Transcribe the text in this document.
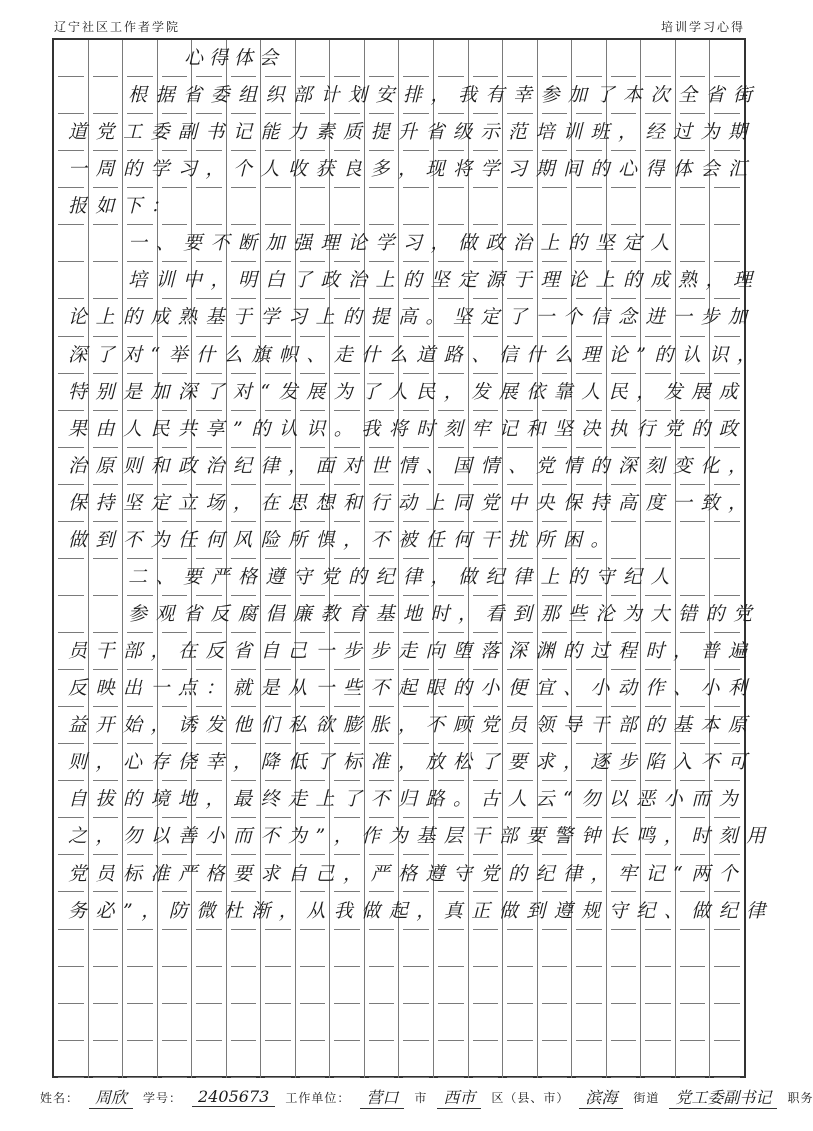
辽宁社区工作者学院	培训学习心得
心得体会
根据省委组织部计划安排，我有幸参加了本次全省街
道党工委副书记能力素质提升省级示范培训班，经过为期
一周的学习，个人收获良多，现将学习期间的心得体会汇
报如下：
一、要不断加强理论学习，做政治上的坚定人
培训中，明白了政治上的坚定源于理论上的成熟，理
论上的成熟基于学习上的提高。坚定了一个信念进一步加
深了对“举什么旗帜、走什么道路、信什么理论”的认识，
特别是加深了对“发展为了人民，发展依靠人民，发展成
果由人民共享”的认识。我将时刻牢记和坚决执行党的政
治原则和政治纪律，面对世情、国情、党情的深刻变化，
保持坚定立场，在思想和行动上同党中央保持高度一致，
做到不为任何风险所惧，不被任何干扰所困。
二、要严格遵守党的纪律，做纪律上的守纪人
参观省反腐倡廉教育基地时，看到那些沦为大错的党
员干部，在反省自己一步步走向堕落深渊的过程时，普遍
反映出一点：就是从一些不起眼的小便宜、小动作、小利
益开始，诱发他们私欲膨胀，不顾党员领导干部的基本原
则，心存侥幸，降低了标准，放松了要求，逐步陷入不可
自拔的境地，最终走上了不归路。古人云“勿以恶小而为
之，勿以善小而不为”，作为基层干部要警钟长鸣，时刻用
党员标准严格要求自己，严格遵守党的纪律，牢记“两个
务必”，防微杜渐，从我做起，真正做到遵规守纪、做纪律
姓名：	周欣	学号：	2405673	工作单位：	营口	市	西市	区（县、市）	滨海	街道	党工委副书记	职务
